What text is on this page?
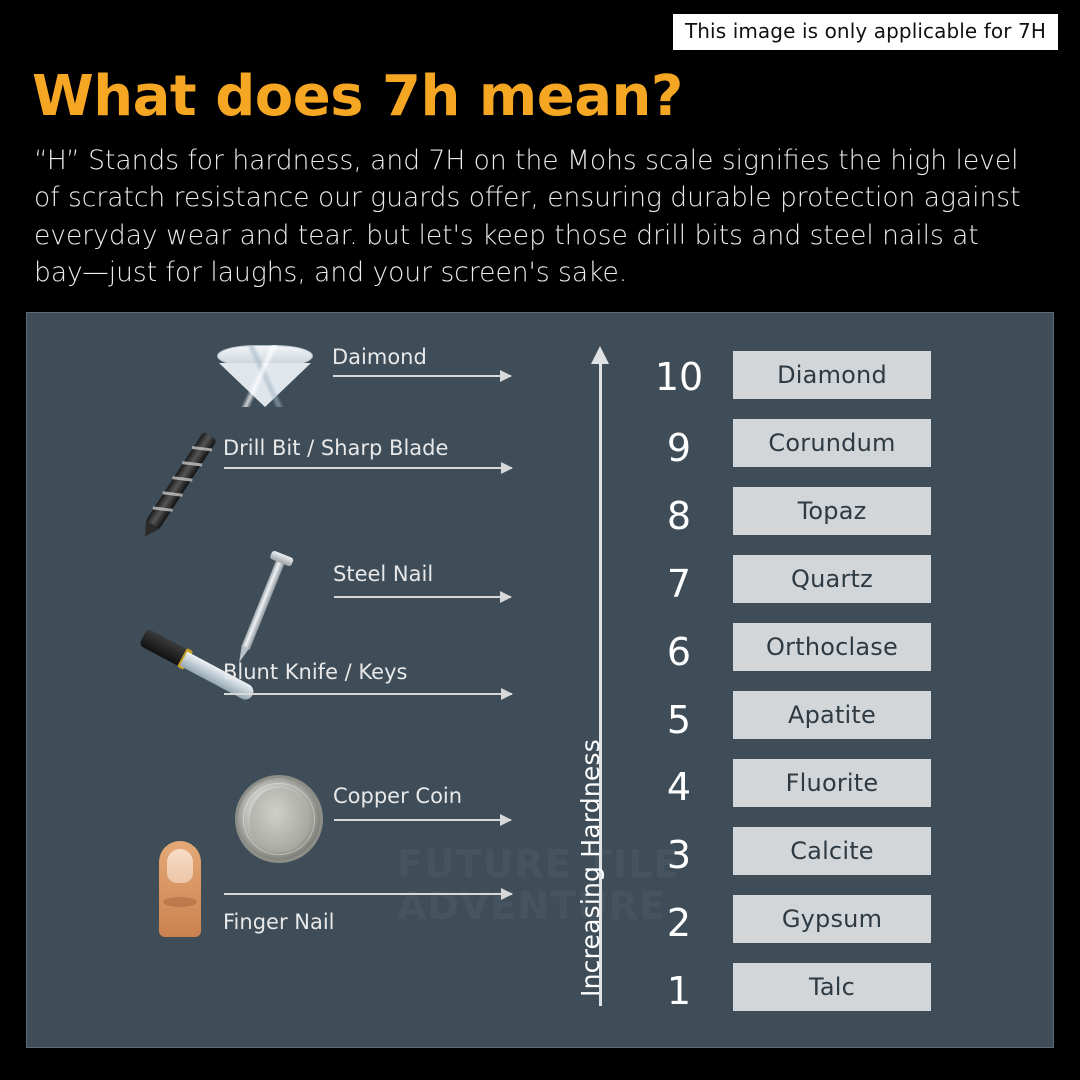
This image is only applicable for 7H
What does 7h mean?

“H” Stands for hardness, and 7H on the Mohs scale signifies the high level of scratch resistance our guards offer, ensuring durable protection against everyday wear and tear. but let's keep those drill bits and steel nails at bay—just for laughs, and your screen's sake.

Daimond
Drill Bit / Sharp Blade
Steel Nail
Blunt Knife / Keys
Copper Coin
Finger Nail	Increasing Hardness
10
9
8
7
6
5
4
3
2
1
Diamond
Corundum
Topaz
Quartz
Orthoclase
Apatite
Fluorite
Calcite
Gypsum
Talc
